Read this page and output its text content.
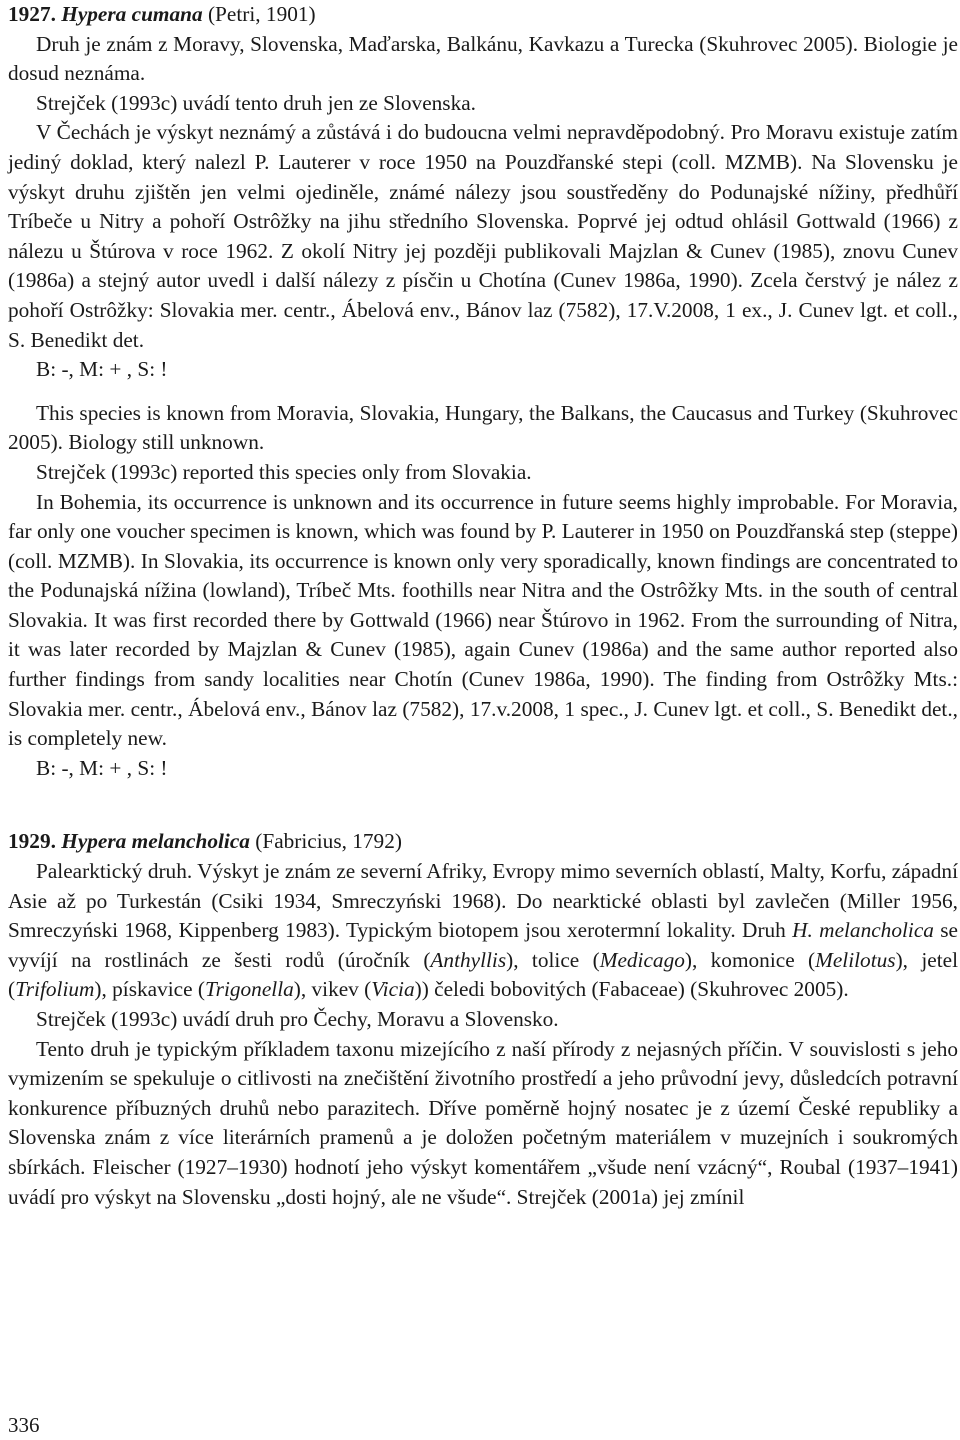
1927. Hypera cumana (Petri, 1901)

Druh je znám z Moravy, Slovenska, Maďarska, Balkánu, Kavkazu a Turecka (Skuhrovec 2005). Biologie je dosud neznáma.

Strejček (1993c) uvádí tento druh jen ze Slovenska.

V Čechách je výskyt neznámý a zůstává i do budoucna velmi nepravděpodobný. Pro Moravu existuje zatím jediný doklad, který nalezl P. Lauterer v roce 1950 na Pouzdřanské stepi (coll. MZMB). Na Slovensku je výskyt druhu zjištěn jen velmi ojediněle, známé nálezy jsou soustředěny do Podunajské nížiny, předhůří Tríbeče u Nitry a pohoří Ostrôžky na jihu středního Slovenska. Poprvé jej odtud ohlásil Gottwald (1966) z nálezu u Štúrova v roce 1962. Z okolí Nitry jej později publikovali Majzlan & Cunev (1985), znovu Cunev (1986a) a stejný autor uvedl i další nálezy z písčin u Chotína (Cunev 1986a, 1990). Zcela čerstvý je nález z pohoří Ostrôžky: Slovakia mer. centr., Ábelová env., Bánov laz (7582), 17.V.2008, 1 ex., J. Cunev lgt. et coll., S. Benedikt det.

B: -, M: + , S: !

This species is known from Moravia, Slovakia, Hungary, the Balkans, the Caucasus and Turkey (Skuhrovec 2005). Biology still unknown.

Strejček (1993c) reported this species only from Slovakia.

In Bohemia, its occurrence is unknown and its occurrence in future seems highly improbable. For Moravia, far only one voucher specimen is known, which was found by P. Lauterer in 1950 on Pouzdřanská step (steppe) (coll. MZMB). In Slovakia, its occurrence is known only very sporadically, known findings are concentrated to the Podunajská nížina (lowland), Tríbeč Mts. foothills near Nitra and the Ostrôžky Mts. in the south of central Slovakia. It was first recorded there by Gottwald (1966) near Štúrovo in 1962. From the surrounding of Nitra, it was later recorded by Majzlan & Cunev (1985), again Cunev (1986a) and the same author reported also further findings from sandy localities near Chotín (Cunev 1986a, 1990). The finding from Ostrôžky Mts.: Slovakia mer. centr., Ábelová env., Bánov laz (7582), 17.v.2008, 1 spec., J. Cunev lgt. et coll., S. Benedikt det., is completely new.

B: -, M: + , S: !

1929. Hypera melancholica (Fabricius, 1792)

Palearktický druh. Výskyt je znám ze severní Afriky, Evropy mimo severních oblastí, Malty, Korfu, západní Asie až po Turkestán (Csiki 1934, Smreczyński 1968). Do nearktické oblasti byl zavlečen (Miller 1956, Smreczyński 1968, Kippenberg 1983). Typickým biotopem jsou xerotermní lokality. Druh H. melancholica se vyvíjí na rostlinách ze šesti rodů (úročník (Anthyllis), tolice (Medicago), komonice (Melilotus), jetel (Trifolium), pískavice (Trigonella), vikev (Vicia)) čeledi bobovitých (Fabaceae) (Skuhrovec 2005).

Strejček (1993c) uvádí druh pro Čechy, Moravu a Slovensko.

Tento druh je typickým příkladem taxonu mizejícího z naší přírody z nejasných příčin. V souvislosti s jeho vymizením se spekuluje o citlivosti na znečištění životního prostředí a jeho průvodní jevy, důsledcích potravní konkurence příbuzných druhů nebo parazitech. Dříve poměrně hojný nosatec je z území České republiky a Slovenska znám z více literárních pramenů a je doložen početným materiálem v muzejních i soukromých sbírkách. Fleischer (1927–1930) hodnotí jeho výskyt komentářem „všude není vzácný“, Roubal (1937–1941) uvádí pro výskyt na Slovensku „dosti hojný, ale ne všude“. Strejček (2001a) jej zmínil

336
